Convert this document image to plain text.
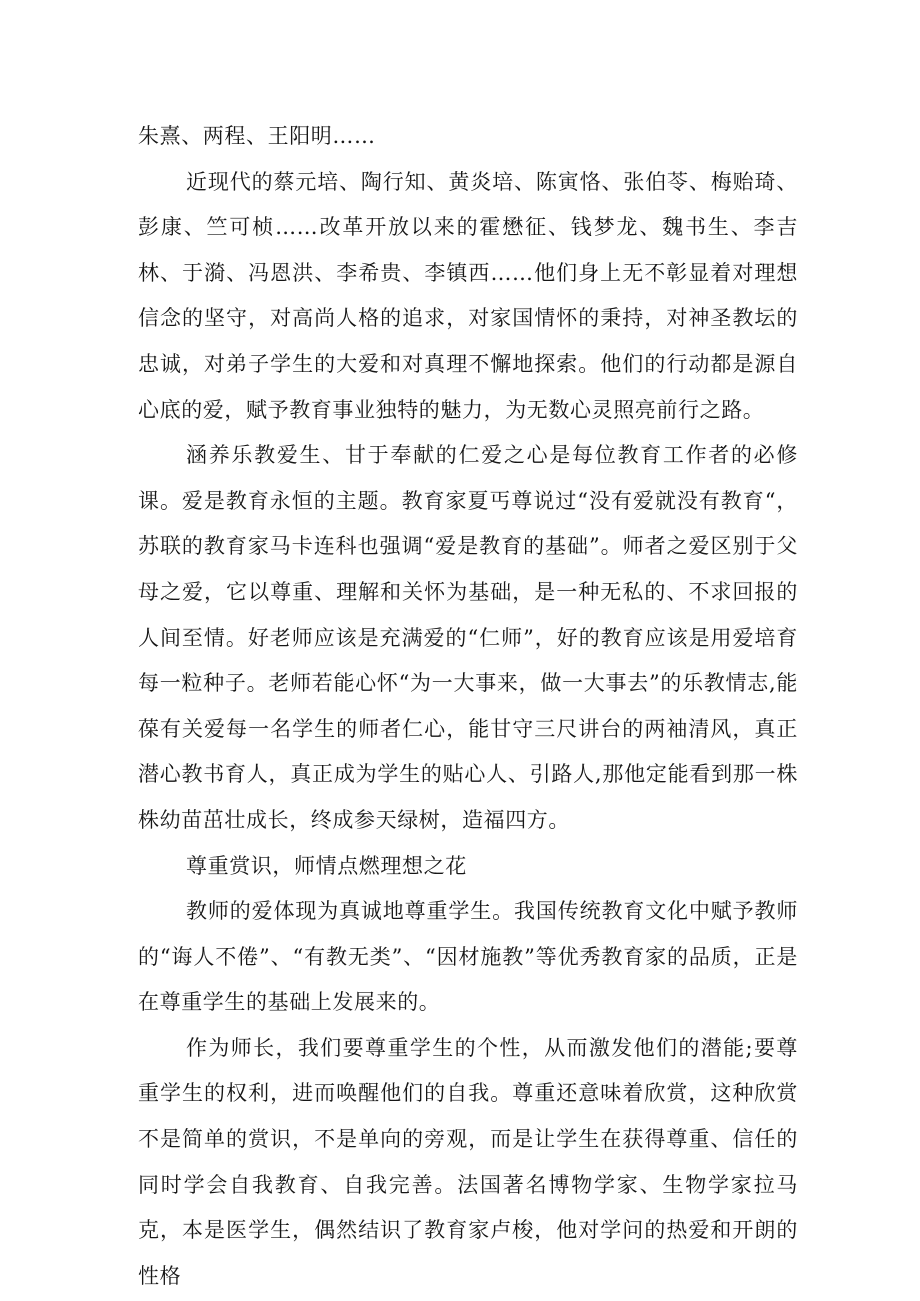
朱熹、两程、王阳明……

近现代的蔡元培、陶行知、黄炎培、陈寅恪、张伯苓、梅贻琦、彭康、竺可桢……改革开放以来的霍懋征、钱梦龙、魏书生、李吉林、于漪、冯恩洪、李希贵、李镇西……他们身上无不彰显着对理想信念的坚守，对高尚人格的追求，对家国情怀的秉持，对神圣教坛的忠诚，对弟子学生的大爱和对真理不懈地探索。他们的行动都是源自心底的爱，赋予教育事业独特的魅力，为无数心灵照亮前行之路。

涵养乐教爱生、甘于奉献的仁爱之心是每位教育工作者的必修课。爱是教育永恒的主题。教育家夏丐尊说过“没有爱就没有教育“，苏联的教育家马卡连科也强调“爱是教育的基础”。师者之爱区别于父母之爱，它以尊重、理解和关怀为基础，是一种无私的、不求回报的人间至情。好老师应该是充满爱的“仁师”，好的教育应该是用爱培育每一粒种子。老师若能心怀“为一大事来，做一大事去”的乐教情志,能葆有关爱每一名学生的师者仁心，能甘守三尺讲台的两袖清风，真正潜心教书育人，真正成为学生的贴心人、引路人,那他定能看到那一株株幼苗茁壮成长，终成参天绿树，造福四方。

尊重赏识，师情点燃理想之花

教师的爱体现为真诚地尊重学生。我国传统教育文化中赋予教师的“诲人不倦”、“有教无类”、“因材施教”等优秀教育家的品质，正是在尊重学生的基础上发展来的。

作为师长，我们要尊重学生的个性，从而激发他们的潜能;要尊重学生的权利，进而唤醒他们的自我。尊重还意味着欣赏，这种欣赏不是简单的赏识，不是单向的旁观，而是让学生在获得尊重、信任的同时学会自我教育、自我完善。法国著名博物学家、生物学家拉马克，本是医学生，偶然结识了教育家卢梭，他对学问的热爱和开朗的性格
